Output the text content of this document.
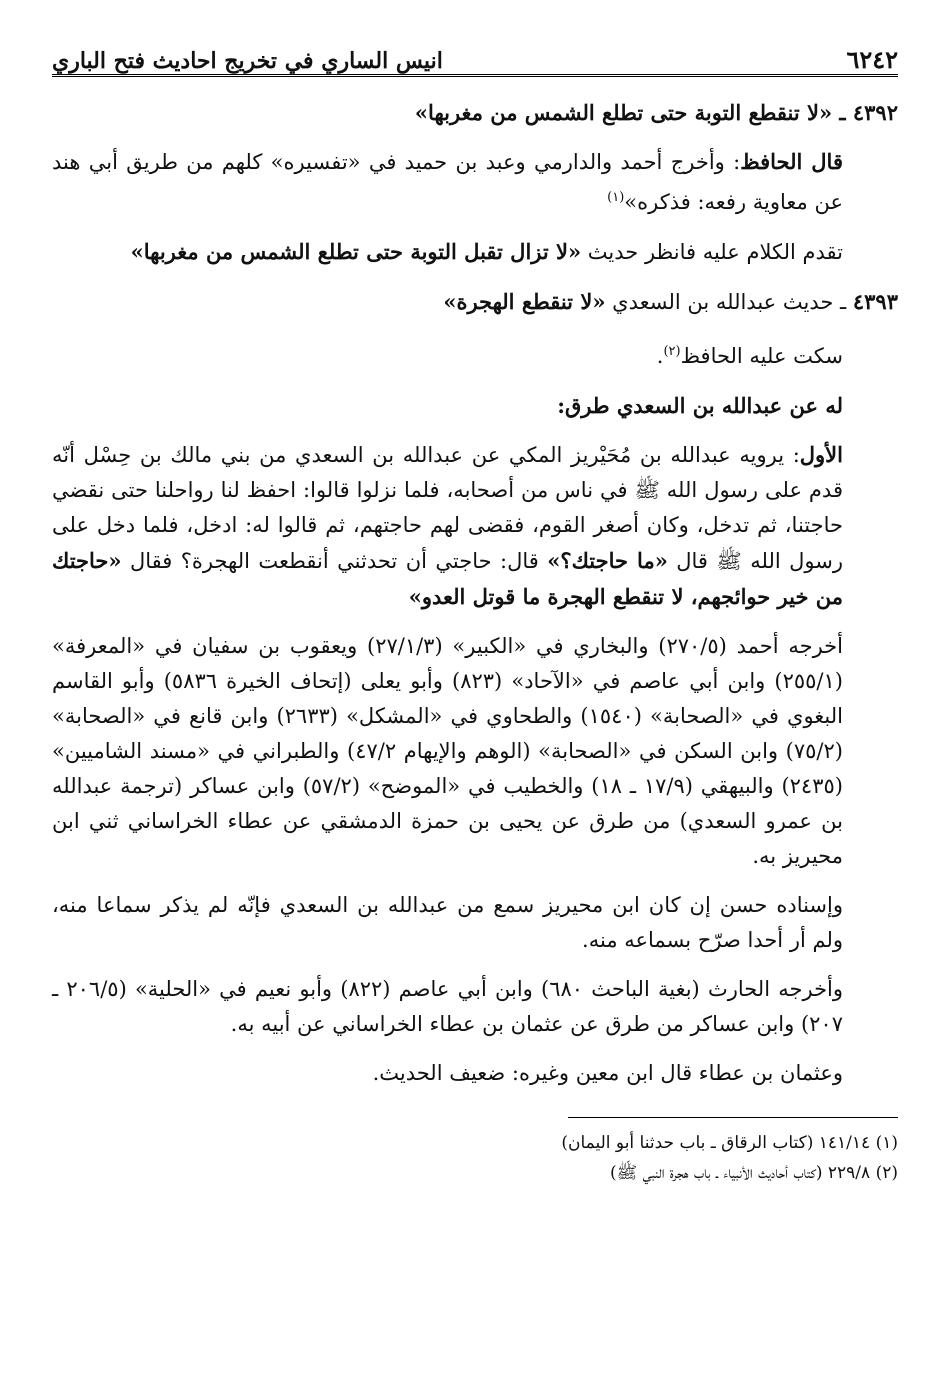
٦٢٤٢
انيس الساري في تخريج احاديث فتح الباري

٤٣٩٢ ـ «لا تنقطع التوبة حتى تطلع الشمس من مغربها»

قال الحافظ: وأخرج أحمد والدارمي وعبد بن حميد في «تفسيره» كلهم من طريق أبي هند عن معاوية رفعه: فذكره»$^{(١)}$

تقدم الكلام عليه فانظر حديث «لا تزال تقبل التوبة حتى تطلع الشمس من مغربها»

٤٣٩٣ ـ حديث عبدالله بن السعدي «لا تنقطع الهجرة»

سكت عليه الحافظ$^{(٢)}$.

له عن عبدالله بن السعدي طرق:

الأول: يرويه عبدالله بن مُحَيْريز المكي عن عبدالله بن السعدي من بني مالك بن حِسْل أنّه قدم على رسول الله ﷺ في ناس من أصحابه، فلما نزلوا قالوا: احفظ لنا رواحلنا حتى نقضي حاجتنا، ثم تدخل، وكان أصغر القوم، فقضى لهم حاجتهم، ثم قالوا له: ادخل، فلما دخل على رسول الله ﷺ قال «ما حاجتك؟» قال: حاجتي أن تحدثني أنقطعت الهجرة؟ فقال «حاجتك من خير حوائجهم، لا تنقطع الهجرة ما قوتل العدو»

أخرجه أحمد (٢٧٠/٥) والبخاري في «الكبير» (٢٧/١/٣) ويعقوب بن سفيان في «المعرفة» (٢٥٥/١) وابن أبي عاصم في «الآحاد» (٨٢٣) وأبو يعلى (إتحاف الخيرة ٥٨٣٦) وأبو القاسم البغوي في «الصحابة» (١٥٤٠) والطحاوي في «المشكل» (٢٦٣٣) وابن قانع في «الصحابة» (٧٥/٢) وابن السكن في «الصحابة» (الوهم والإيهام ٤٧/٢) والطبراني في «مسند الشاميين» (٢٤٣٥) والبيهقي (١٧/٩ ـ ١٨) والخطيب في «الموضح» (٥٧/٢) وابن عساكر (ترجمة عبدالله بن عمرو السعدي) من طرق عن يحيى بن حمزة الدمشقي عن عطاء الخراساني ثني ابن محيريز به.

وإسناده حسن إن كان ابن محيريز سمع من عبدالله بن السعدي فإنّه لم يذكر سماعا منه، ولم أر أحدا صرّح بسماعه منه.

وأخرجه الحارث (بغية الباحث ٦٨٠) وابن أبي عاصم (٨٢٢) وأبو نعيم في «الحلية» (٢٠٦/٥ ـ ٢٠٧) وابن عساكر من طرق عن عثمان بن عطاء الخراساني عن أبيه به.

وعثمان بن عطاء قال ابن معين وغيره: ضعيف الحديث.

(١) ١٤١/١٤ (كتاب الرقاق ـ باب حدثنا أبو اليمان)

(٢) ٢٢٩/٨ (كتاب أحاديث الأنبياء ـ باب هجرة النبي ﷺ)
